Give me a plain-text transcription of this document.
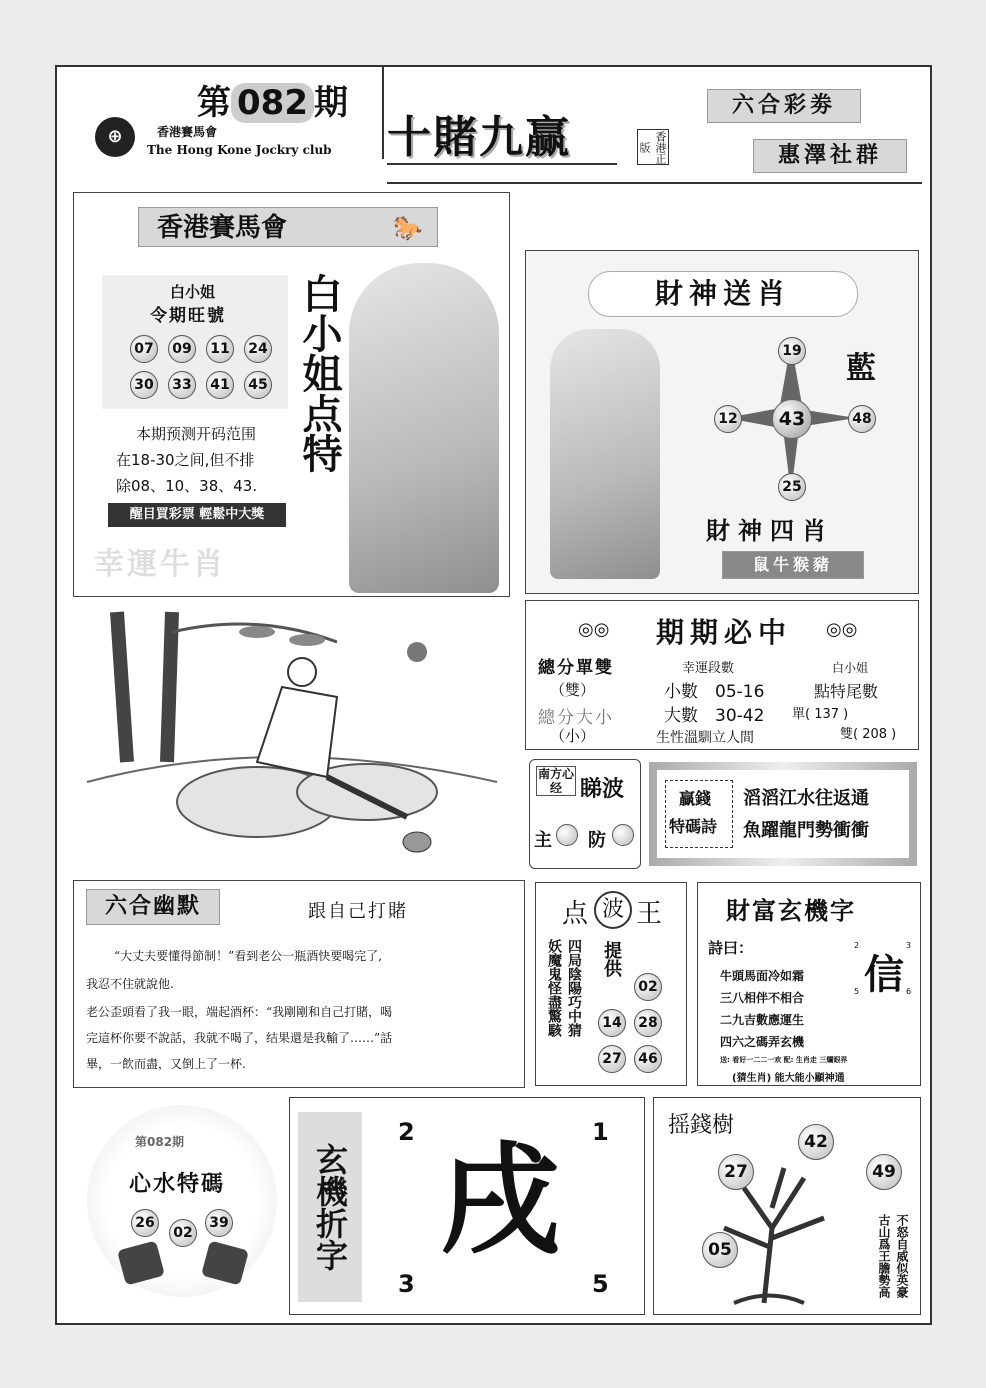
第 082 期
⊕	香港賽馬會
The Hong Kone Jockry club 十賭九赢	香港正版
六合彩劵
惠澤社群
香港賽馬會	🐎
白小姐
令期旺號
07	09	11	24
30	33	41	45 白小姐点特
本期预测开码范围
在18-30之间,但不排
除08、10、38、43.
醒目買彩票 輕鬆中大獎
幸運牛肖
財神送肖
19
12	43	48
25
藍
財神四肖
鼠牛猴豬
◎◎ 期期必中 ◎◎
總分單雙	幸運段數	白小姐
（雙）	小數　05-16	點特尾數
總分大小	大數　30-42 單( 137 )
（小）	生性溫馴立人間	雙( 208 )
南方心经 睇波
主 防
贏錢
特碼詩
滔滔江水往返通
魚躍龍門勢衝衝
六合幽默	跟自己打賭
“大丈夫要懂得節制！”看到老公一瓶酒快要喝完了,
我忍不住就說他.
老公歪頭看了我一眼，端起酒杯：“我剛剛和自己打賭，喝
完這杯你要不說話，我就不喝了，结果還是我輸了……”話
畢，一飲而盡，又倒上了一杯.
点 波 王
四局陰陽巧中猜
妖魔鬼怪盡驚駭 提供
02
14	28
27	46
財富玄機字
詩曰：
牛頭馬面冷如霜
三八相伴不相合
二九吉數應運生
四六之碼弄玄機
送: 看好一二二一欢 配: 生肖走 三爛眼界
(猜生肖) 能大能小顯神通
信
2	3
5	6
第082期
心水特碼
26
02
39	玄機折字
2	1
3	5
戌
摇錢樹
42
27	49
05	不怒自威似英豪
古山爲王膽勢高
